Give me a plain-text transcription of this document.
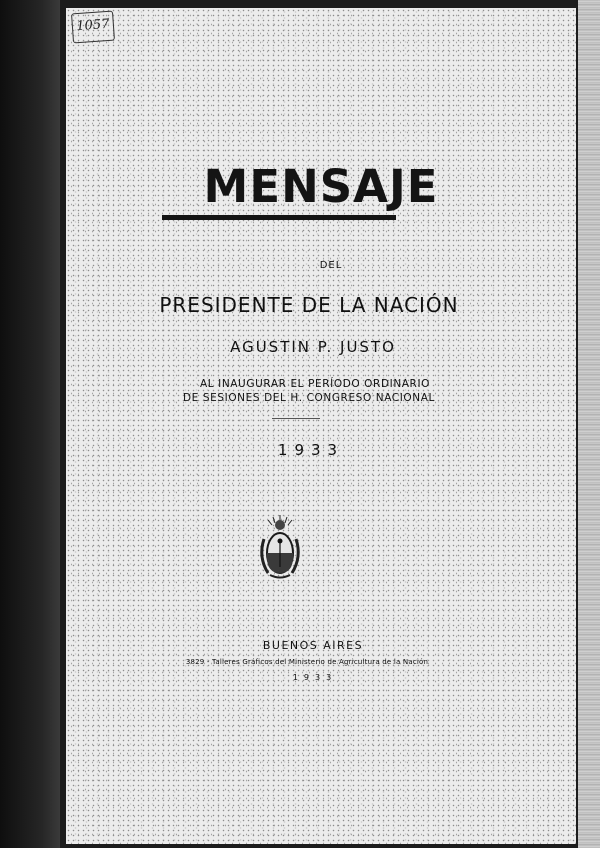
1057
MENSAJE
DEL
PRESIDENTE DE LA NACIÓN
AGUSTIN P. JUSTO
AL INAUGURAR EL PERÍODO ORDINARIO
DE SESIONES DEL H. CONGRESO NACIONAL
1933
BUENOS AIRES
3829 - Talleres Gráficos del Ministerio de Agricultura de la Nación
1933
